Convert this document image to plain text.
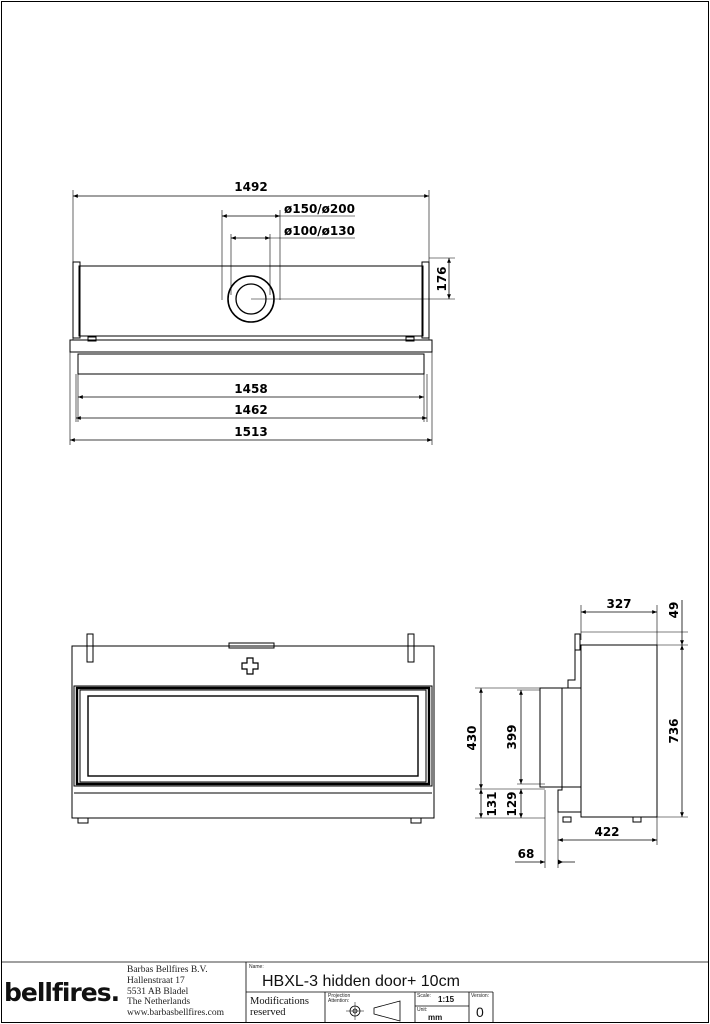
1492
ø150/ø200
ø100/ø130
176
1458
1462
1513
327	49
736
430 399
131 129
422
68
bellfires.
Barbas Bellfires B.V.
Hallenstraat 17
5531 AB Bladel
The Netherlands
www.barbasbellfires.com
Name:
HBXL-3 hidden door+ 10cm
Modifications reserved
Projection Attention:
Scale: 1:15
Unit:
mm
Version:
0
